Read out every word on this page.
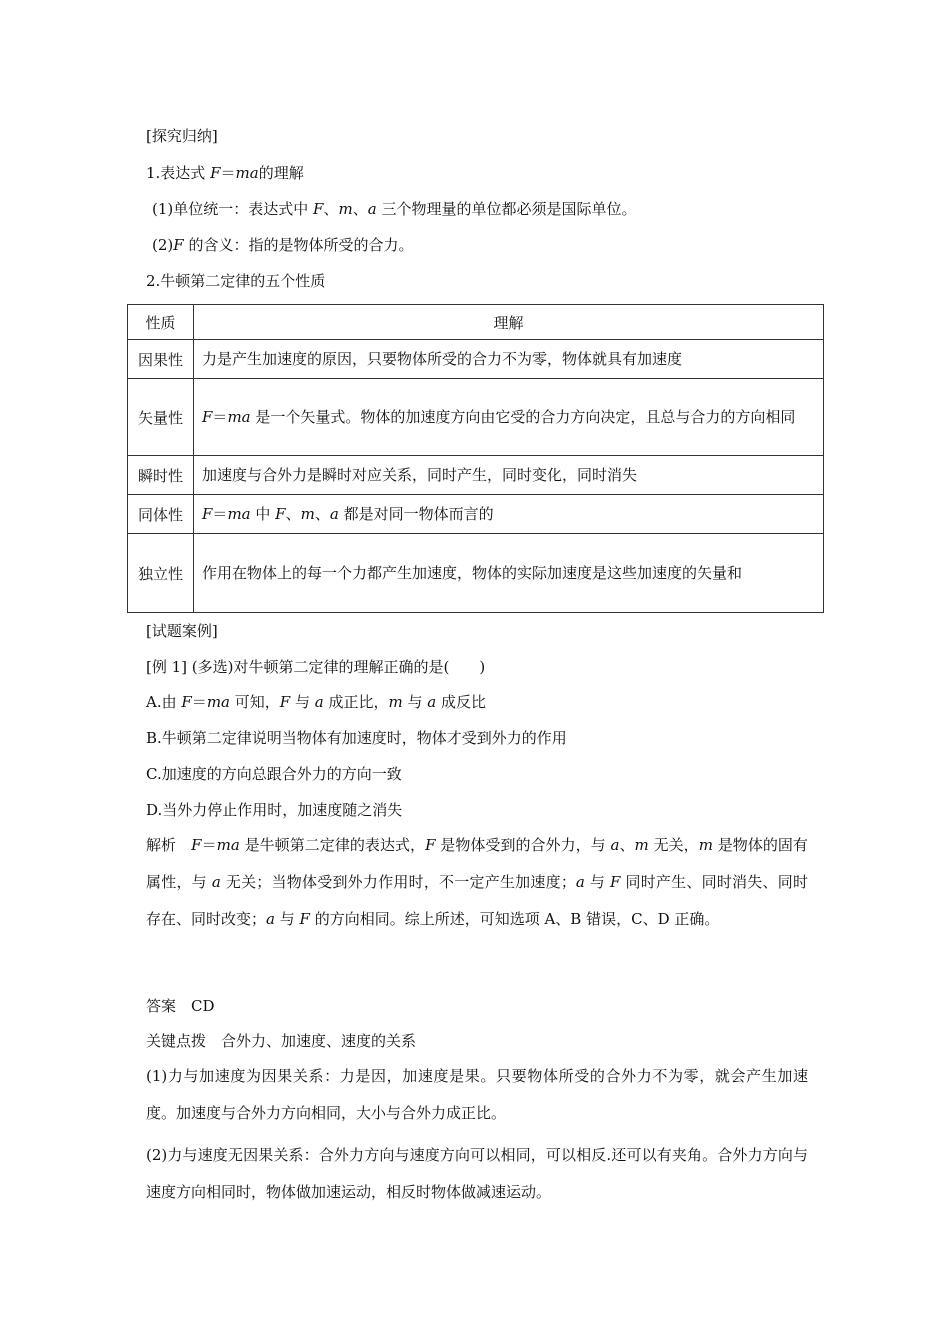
[探究归纳]
1.表达式 F＝ma的理解
(1)单位统一：表达式中 F、m、a 三个物理量的单位都必须是国际单位。
(2)F 的含义：指的是物体所受的合力。
2.牛顿第二定律的五个性质
性质	理解
因果性	力是产生加速度的原因，只要物体所受的合力不为零，物体就具有加速度
矢量性	F＝ma 是一个矢量式。物体的加速度方向由它受的合力方向决定，且总与合力的方向相同
瞬时性	加速度与合外力是瞬时对应关系，同时产生，同时变化，同时消失
同体性	F＝ma 中 F、m、a 都是对同一物体而言的
独立性	作用在物体上的每一个力都产生加速度，物体的实际加速度是这些加速度的矢量和
[试题案例]
[例 1] (多选)对牛顿第二定律的理解正确的是(　　)
A.由 F＝ma 可知，F 与 a 成正比，m 与 a 成反比
B.牛顿第二定律说明当物体有加速度时，物体才受到外力的作用
C.加速度的方向总跟合外力的方向一致
D.当外力停止作用时，加速度随之消失
解析　 F＝ma 是牛顿第二定律的表达式，F 是物体受到的合外力，与 a、m 无关，m 是物体的固有属性，与 a 无关；当物体受到外力作用时，不一定产生加速度；a 与 F 同时产生、同时消失、同时存在、同时改变；a 与 F 的方向相同。综上所述，可知选项 A、B 错误，C、D 正确。
答案　 CD
关键点拨　 合外力、加速度、速度的关系
(1)力与加速度为因果关系：力是因，加速度是果。只要物体所受的合外力不为零，就会产生加速度。加速度与合外力方向相同，大小与合外力成正比。
(2)力与速度无因果关系：合外力方向与速度方向可以相同，可以相反.还可以有夹角。合外力方向与速度方向相同时，物体做加速运动，相反时物体做减速运动。
